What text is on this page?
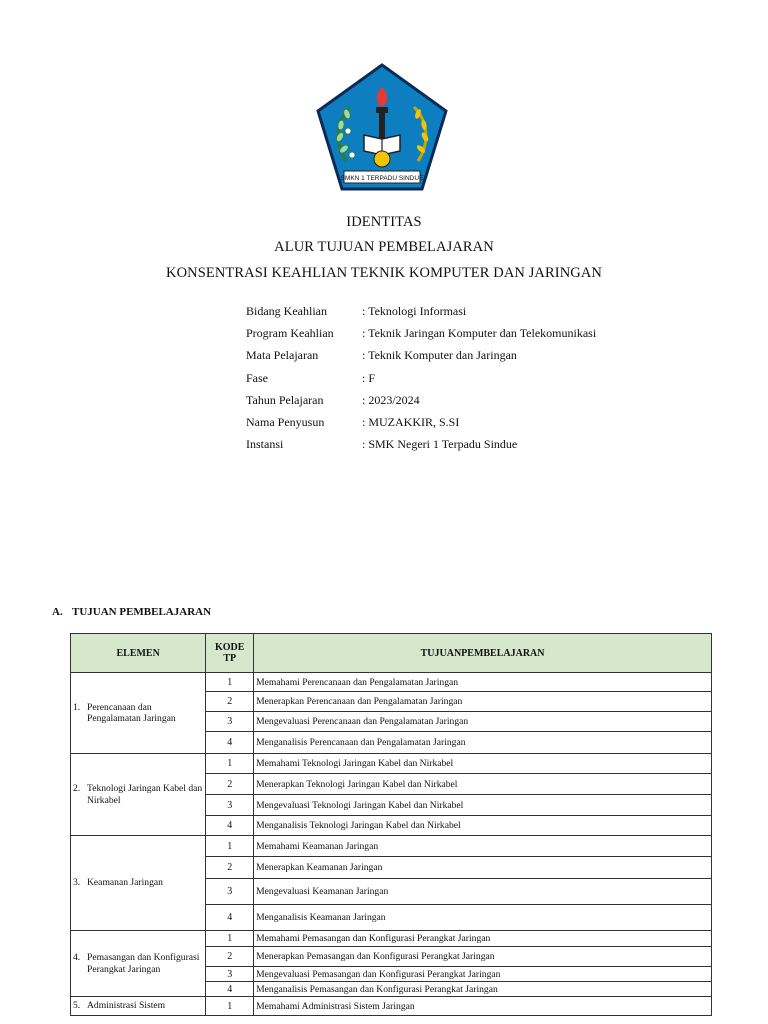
SMKN 1 TERPADU SINDUE
IDENTITAS
ALUR TUJUAN PEMBELAJARAN
KONSENTRASI KEAHLIAN TEKNIK KOMPUTER DAN JARINGAN
Bidang Keahlian	: Teknologi Informasi
Program Keahlian	: Teknik Jaringan Komputer dan Telekomunikasi
Mata Pelajaran	: Teknik Komputer dan Jaringan
Fase	: F
Tahun Pelajaran	: 2023/2024
Nama Penyusun	: MUZAKKIR, S.SI
Instansi	: SMK Negeri 1 Terpadu Sindue
A. TUJUAN PEMBELAJARAN
ELEMEN	KODE TP	TUJUANPEMBELAJARAN

1. Perencanaan dan Pengalamatan Jaringan	1	Memahami Perencanaan dan Pengalamatan Jaringan
	2	Menerapkan Perencanaan dan Pengalamatan Jaringan
	3	Mengevaluasi Perencanaan dan Pengalamatan Jaringan
	4	Menganalisis Perencanaan dan Pengalamatan Jaringan

2. Teknologi Jaringan Kabel dan Nirkabel	1	Memahami Teknologi Jaringan Kabel dan Nirkabel
	2	Menerapkan Teknologi Jaringan Kabel dan Nirkabel
	3	Mengevaluasi Teknologi Jaringan Kabel dan Nirkabel
	4	Menganalisis Teknologi Jaringan Kabel dan Nirkabel

3. Keamanan Jaringan	1	Memahami Keamanan Jaringan
	2	Menerapkan Keamanan Jaringan
	3	Mengevaluasi Keamanan Jaringan
	4	Menganalisis Keamanan Jaringan

4. Pemasangan dan Konfigurasi Perangkat Jaringan	1	Memahami Pemasangan dan Konfigurasi Perangkat Jaringan
	2	Menerapkan Pemasangan dan Konfigurasi Perangkat Jaringan
	3	Mengevaluasi Pemasangan dan Konfigurasi Perangkat Jaringan
	4	Menganalisis Pemasangan dan Konfigurasi Perangkat Jaringan

5. Administrasi Sistem	1	Memahami Administrasi Sistem Jaringan
